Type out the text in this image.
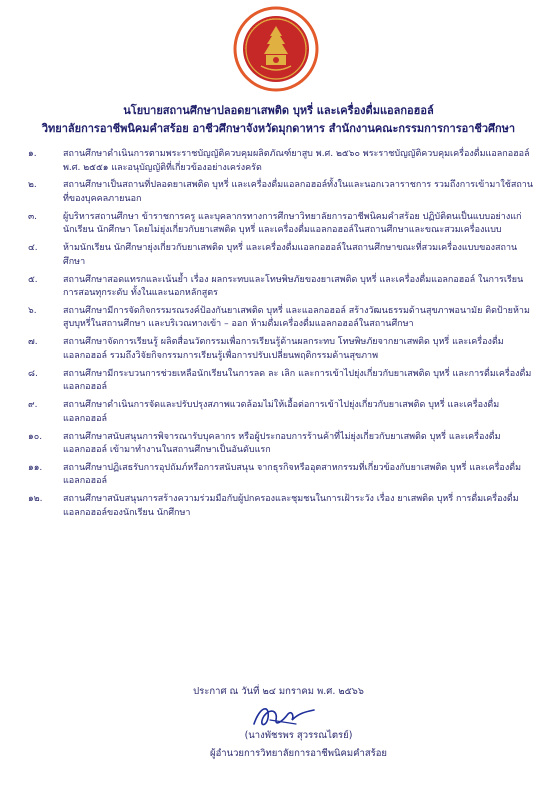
นโยบายสถานศึกษาปลอดยาเสพติด บุหรี่ และเครื่องดื่มแอลกอฮอล์
วิทยาลัยการอาชีพนิคมคำสร้อย อาชีวศึกษาจังหวัดมุกดาหาร สำนักงานคณะกรรมการการอาชีวศึกษา
๑.	สถานศึกษาดำเนินการตามพระราชบัญญัติควบคุมผลิตภัณฑ์ยาสูบ พ.ศ. ๒๕๖๐ พระราชบัญญัติควบคุมเครื่องดื่มแอลกอฮอล์ พ.ศ. ๒๕๕๑ และอนุบัญญัติที่เกี่ยวข้องอย่างเคร่งครัด
๒.	สถานศึกษาเป็นสถานที่ปลอดยาเสพติด บุหรี่ และเครื่องดื่มแอลกอฮอล์ทั้งในและนอกเวลาราชการ รวมถึงการเข้ามาใช้สถานที่ของบุคคลภายนอก
๓.	ผู้บริหารสถานศึกษา ข้าราชการครู และบุคลากรทางการศึกษาวิทยาลัยการอาชีพนิคมคำสร้อย ปฏิบัติตนเป็นแบบอย่างแก่นักเรียน นักศึกษา โดยไม่ยุ่งเกี่ยวกับยาเสพติด บุหรี่ และเครื่องดื่มแอลกอฮอล์ในสถานศึกษาและขณะสวมเครื่องแบบ
๔.	ห้ามนักเรียน นักศึกษายุ่งเกี่ยวกับยาเสพติด บุหรี่ และเครื่องดื่มแอลกอฮอล์ในสถานศึกษาขณะที่สวมเครื่องแบบของสถานศึกษา
๕.	สถานศึกษาสอดแทรกและเน้นย้ำ เรื่อง ผลกระทบและโทษพิษภัยของยาเสพติด บุหรี่ และเครื่องดื่มแอลกอฮอล์ ในการเรียนการสอนทุกระดับ ทั้งในและนอกหลักสูตร
๖.	สถานศึกษามีการจัดกิจกรรมรณรงค์ป้องกันยาเสพติด บุหรี่ และแอลกอฮอล์ สร้างวัฒนธรรมด้านสุขภาพอนามัย ติดป้ายห้ามสูบบุหรี่ในสถานศึกษา และบริเวณทางเข้า – ออก ห้ามดื่มเครื่องดื่มแอลกอฮอล์ในสถานศึกษา
๗.	สถานศึกษาจัดการเรียนรู้ ผลิตสื่อนวัตกรรมเพื่อการเรียนรู้ด้านผลกระทบ โทษพิษภัยจากยาเสพติด บุหรี่ และเครื่องดื่มแอลกอฮอล์ รวมถึงวิจัยกิจกรรมการเรียนรู้เพื่อการปรับเปลี่ยนพฤติกรรมด้านสุขภาพ
๘.	สถานศึกษามีกระบวนการช่วยเหลือนักเรียนในการลด ละ เลิก และการเข้าไปยุ่งเกี่ยวกับยาเสพติด บุหรี่ และการดื่มเครื่องดื่มแอลกอฮอล์
๙.	สถานศึกษาดำเนินการจัดและปรับปรุงสภาพแวดล้อมไม่ให้เอื้อต่อการเข้าไปยุ่งเกี่ยวกับยาเสพติด บุหรี่ และเครื่องดื่มแอลกอฮอล์
๑๐.	สถานศึกษาสนับสนุนการพิจารณารับบุคลากร หรือผู้ประกอบการร้านค้าที่ไม่ยุ่งเกี่ยวกับยาเสพติด บุหรี่ และเครื่องดื่มแอลกอฮอล์ เข้ามาทำงานในสถานศึกษาเป็นอันดับแรก
๑๑.	สถานศึกษาปฏิเสธรับการอุปถัมภ์หรือการสนับสนุน จากธุรกิจหรืออุตสาหกรรมที่เกี่ยวข้องกับยาเสพติด บุหรี่ และเครื่องดื่มแอลกอฮอล์
๑๒.	สถานศึกษาสนับสนุนการสร้างความร่วมมือกับผู้ปกครองและชุมชนในการเฝ้าระวัง เรื่อง ยาเสพติด บุหรี่ การดื่มเครื่องดื่มแอลกอฮอล์ของนักเรียน นักศึกษา
ประกาศ ณ วันที่ ๒๔ มกราคม พ.ศ. ๒๕๖๖
(นางพัชรพร สุวรรณไตรย์)
ผู้อำนวยการวิทยาลัยการอาชีพนิคมคำสร้อย
